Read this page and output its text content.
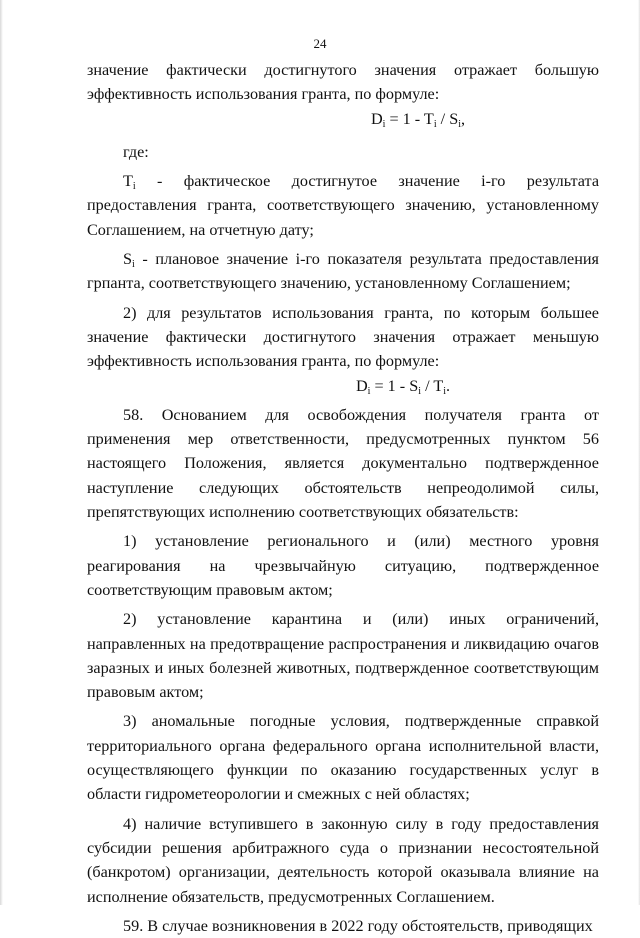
24

значение фактически достигнутого значения отражает большую эффективность использования гранта, по формуле:

$D_i = 1 - T_i / S_i$,

где:

$T_i$ - фактическое достигнутое значение i-го результата предоставления гранта, соответствующего значению, установленному Соглашением, на отчетную дату;

$S_i$ - плановое значение i-го показателя результата предоставления грпанта, соответствующего значению, установленному Соглашением;

2) для результатов использования гранта, по которым большее значение фактически достигнутого значения отражает меньшую эффективность использования гранта, по формуле:

$D_i = 1 - S_i / T_i$.

58. Основанием для освобождения получателя гранта от применения мер ответственности, предусмотренных пунктом 56 настоящего Положения, является документально подтвержденное наступление следующих обстоятельств непреодолимой силы, препятствующих исполнению соответствующих обязательств:

1) установление регионального и (или) местного уровня реагирования на чрезвычайную ситуацию, подтвержденное соответствующим правовым актом;

2) установление карантина и (или) иных ограничений, направленных на предотвращение распространения и ликвидацию очагов заразных и иных болезней животных, подтвержденное соответствующим правовым актом;

3) аномальные погодные условия, подтвержденные справкой территориального органа федерального органа исполнительной власти, осуществляющего функции по оказанию государственных услуг в области гидрометеорологии и смежных с ней областях;

4) наличие вступившего в законную силу в году предоставления субсидии решения арбитражного суда о признании несостоятельной (банкротом) организации, деятельность которой оказывала влияние на исполнение обязательств, предусмотренных Соглашением.

59. В случае возникновения в 2022 году обстоятельств, приводящих
